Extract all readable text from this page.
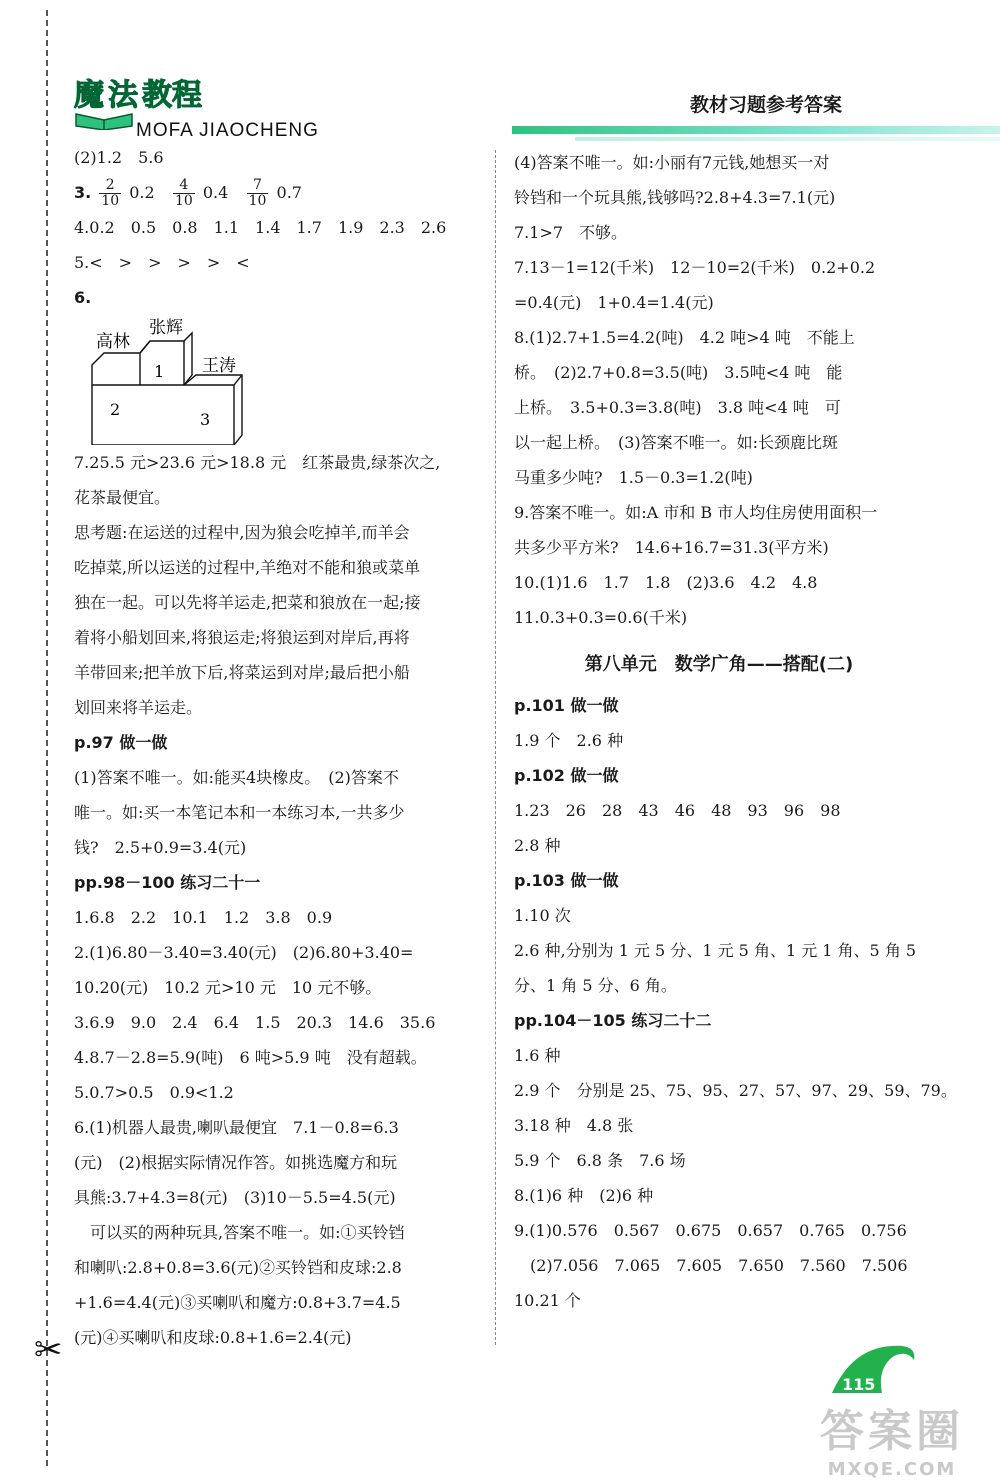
✂
魔 法 教程
MOFA JIAOCHENG
教材习题参考答案
(2)1.2　5.6
3. $\frac{2}{10} 0.2 \frac{4}{10} 0.4 \frac{7}{10} 0.7$
4.0.2　0.5　0.8　1.1　1.4　1.7　1.9　2.3　2.6
5.<　>　>　>　>　<
6.
张辉
高林
王涛
1
2
3
7.25.5 元>23.6 元>18.8 元　红茶最贵,绿茶次之,
花茶最便宜。
思考题:在运送的过程中,因为狼会吃掉羊,而羊会
吃掉菜,所以运送的过程中,羊绝对不能和狼或菜单
独在一起。可以先将羊运走,把菜和狼放在一起;接
着将小船划回来,将狼运走;将狼运到对岸后,再将
羊带回来;把羊放下后,将菜运到对岸;最后把小船
划回来将羊运走。
p.97 做一做
(1)答案不唯一。如:能买4块橡皮。　(2)答案不
唯一。如:买一本笔记本和一本练习本,一共多少
钱?　2.5+0.9=3.4(元)
pp.98－100 练习二十一
1.6.8　2.2　10.1　1.2　3.8　0.9
2.(1)6.80－3.40=3.40(元)　(2)6.80+3.40=
10.20(元)　10.2 元>10 元　10 元不够。
3.6.9　9.0　2.4　6.4　1.5　20.3　14.6　35.6
4.8.7－2.8=5.9(吨)　6 吨>5.9 吨　没有超载。
5.0.7>0.5　0.9<1.2
6.(1)机器人最贵,喇叭最便宜　7.1－0.8=6.3
(元)　(2)根据实际情况作答。如挑选魔方和玩
具熊:3.7+4.3=8(元)　(3)10－5.5=4.5(元)
　可以买的两种玩具,答案不唯一。如:①买铃铛
和喇叭:2.8+0.8=3.6(元)②买铃铛和皮球:2.8
+1.6=4.4(元)③买喇叭和魔方:0.8+3.7=4.5
(元)④买喇叭和皮球:0.8+1.6=2.4(元)
(4)答案不唯一。如:小丽有7元钱,她想买一对
铃铛和一个玩具熊,钱够吗?2.8+4.3=7.1(元)
7.1>7　不够。
7.13－1=12(千米)　12－10=2(千米)　0.2+0.2
=0.4(元)　1+0.4=1.4(元)
8.(1)2.7+1.5=4.2(吨)　4.2 吨>4 吨　不能上
桥。　(2)2.7+0.8=3.5(吨)　3.5吨<4 吨　能
上桥。　3.5+0.3=3.8(吨)　3.8 吨<4 吨　可
以一起上桥。　(3)答案不唯一。如:长颈鹿比斑
马重多少吨?　1.5－0.3=1.2(吨)
9.答案不唯一。如:A 市和 B 市人均住房使用面积一
共多少平方米?　14.6+16.7=31.3(平方米)
10.(1)1.6　1.7　1.8　(2)3.6　4.2　4.8
11.0.3+0.3=0.6(千米)
第八单元　数学广角——搭配(二)
p.101 做一做
1.9 个　2.6 种
p.102 做一做
1.23　26　28　43　46　48　93　96　98
2.8 种
p.103 做一做
1.10 次
2.6 种,分别为 1 元 5 分、1 元 5 角、1 元 1 角、5 角 5
分、1 角 5 分、6 角。
pp.104－105 练习二十二
1.6 种
2.9 个　分别是 25、75、95、27、57、97、29、59、79。
3.18 种　4.8 张
5.9 个　6.8 条　7.6 场
8.(1)6 种　(2)6 种
9.(1)0.576　0.567　0.675　0.657　0.765　0.756
　(2)7.056　7.065　7.605　7.650　7.560　7.506
10.21 个
115
答案圈
MXQE.COM
